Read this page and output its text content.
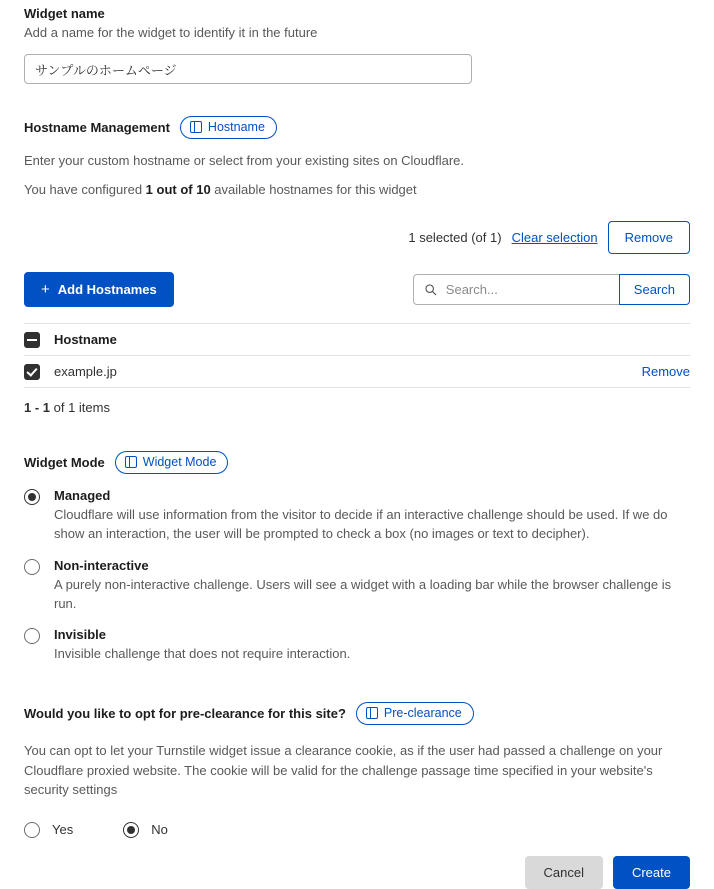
Widget name
Add a name for the widget to identify it in the future
サンプルのホームページ
Hostname Management	Hostname
Enter your custom hostname or select from your existing sites on Cloudflare.
You have configured 1 out of 10 available hostnames for this widget
1 selected (of 1) Clear selection	Remove
+ Add Hostnames
Search...	Search
Hostname
example.jp	Remove
1 - 1 of 1 items
Widget Mode	Widget Mode
Managed
Cloudflare will use information from the visitor to decide if an interactive challenge should be used. If we do show an interaction, the user will be prompted to check a box (no images or text to decipher).
Non-interactive
A purely non-interactive challenge. Users will see a widget with a loading bar while the browser challenge is run.
Invisible
Invisible challenge that does not require interaction.
Would you like to opt for pre-clearance for this site?	Pre-clearance
You can opt to let your Turnstile widget issue a clearance cookie, as if the user had passed a challenge on your Cloudflare proxied website. The cookie will be valid for the challenge passage time specified in your website's security settings
Yes	No
Cancel	Create
